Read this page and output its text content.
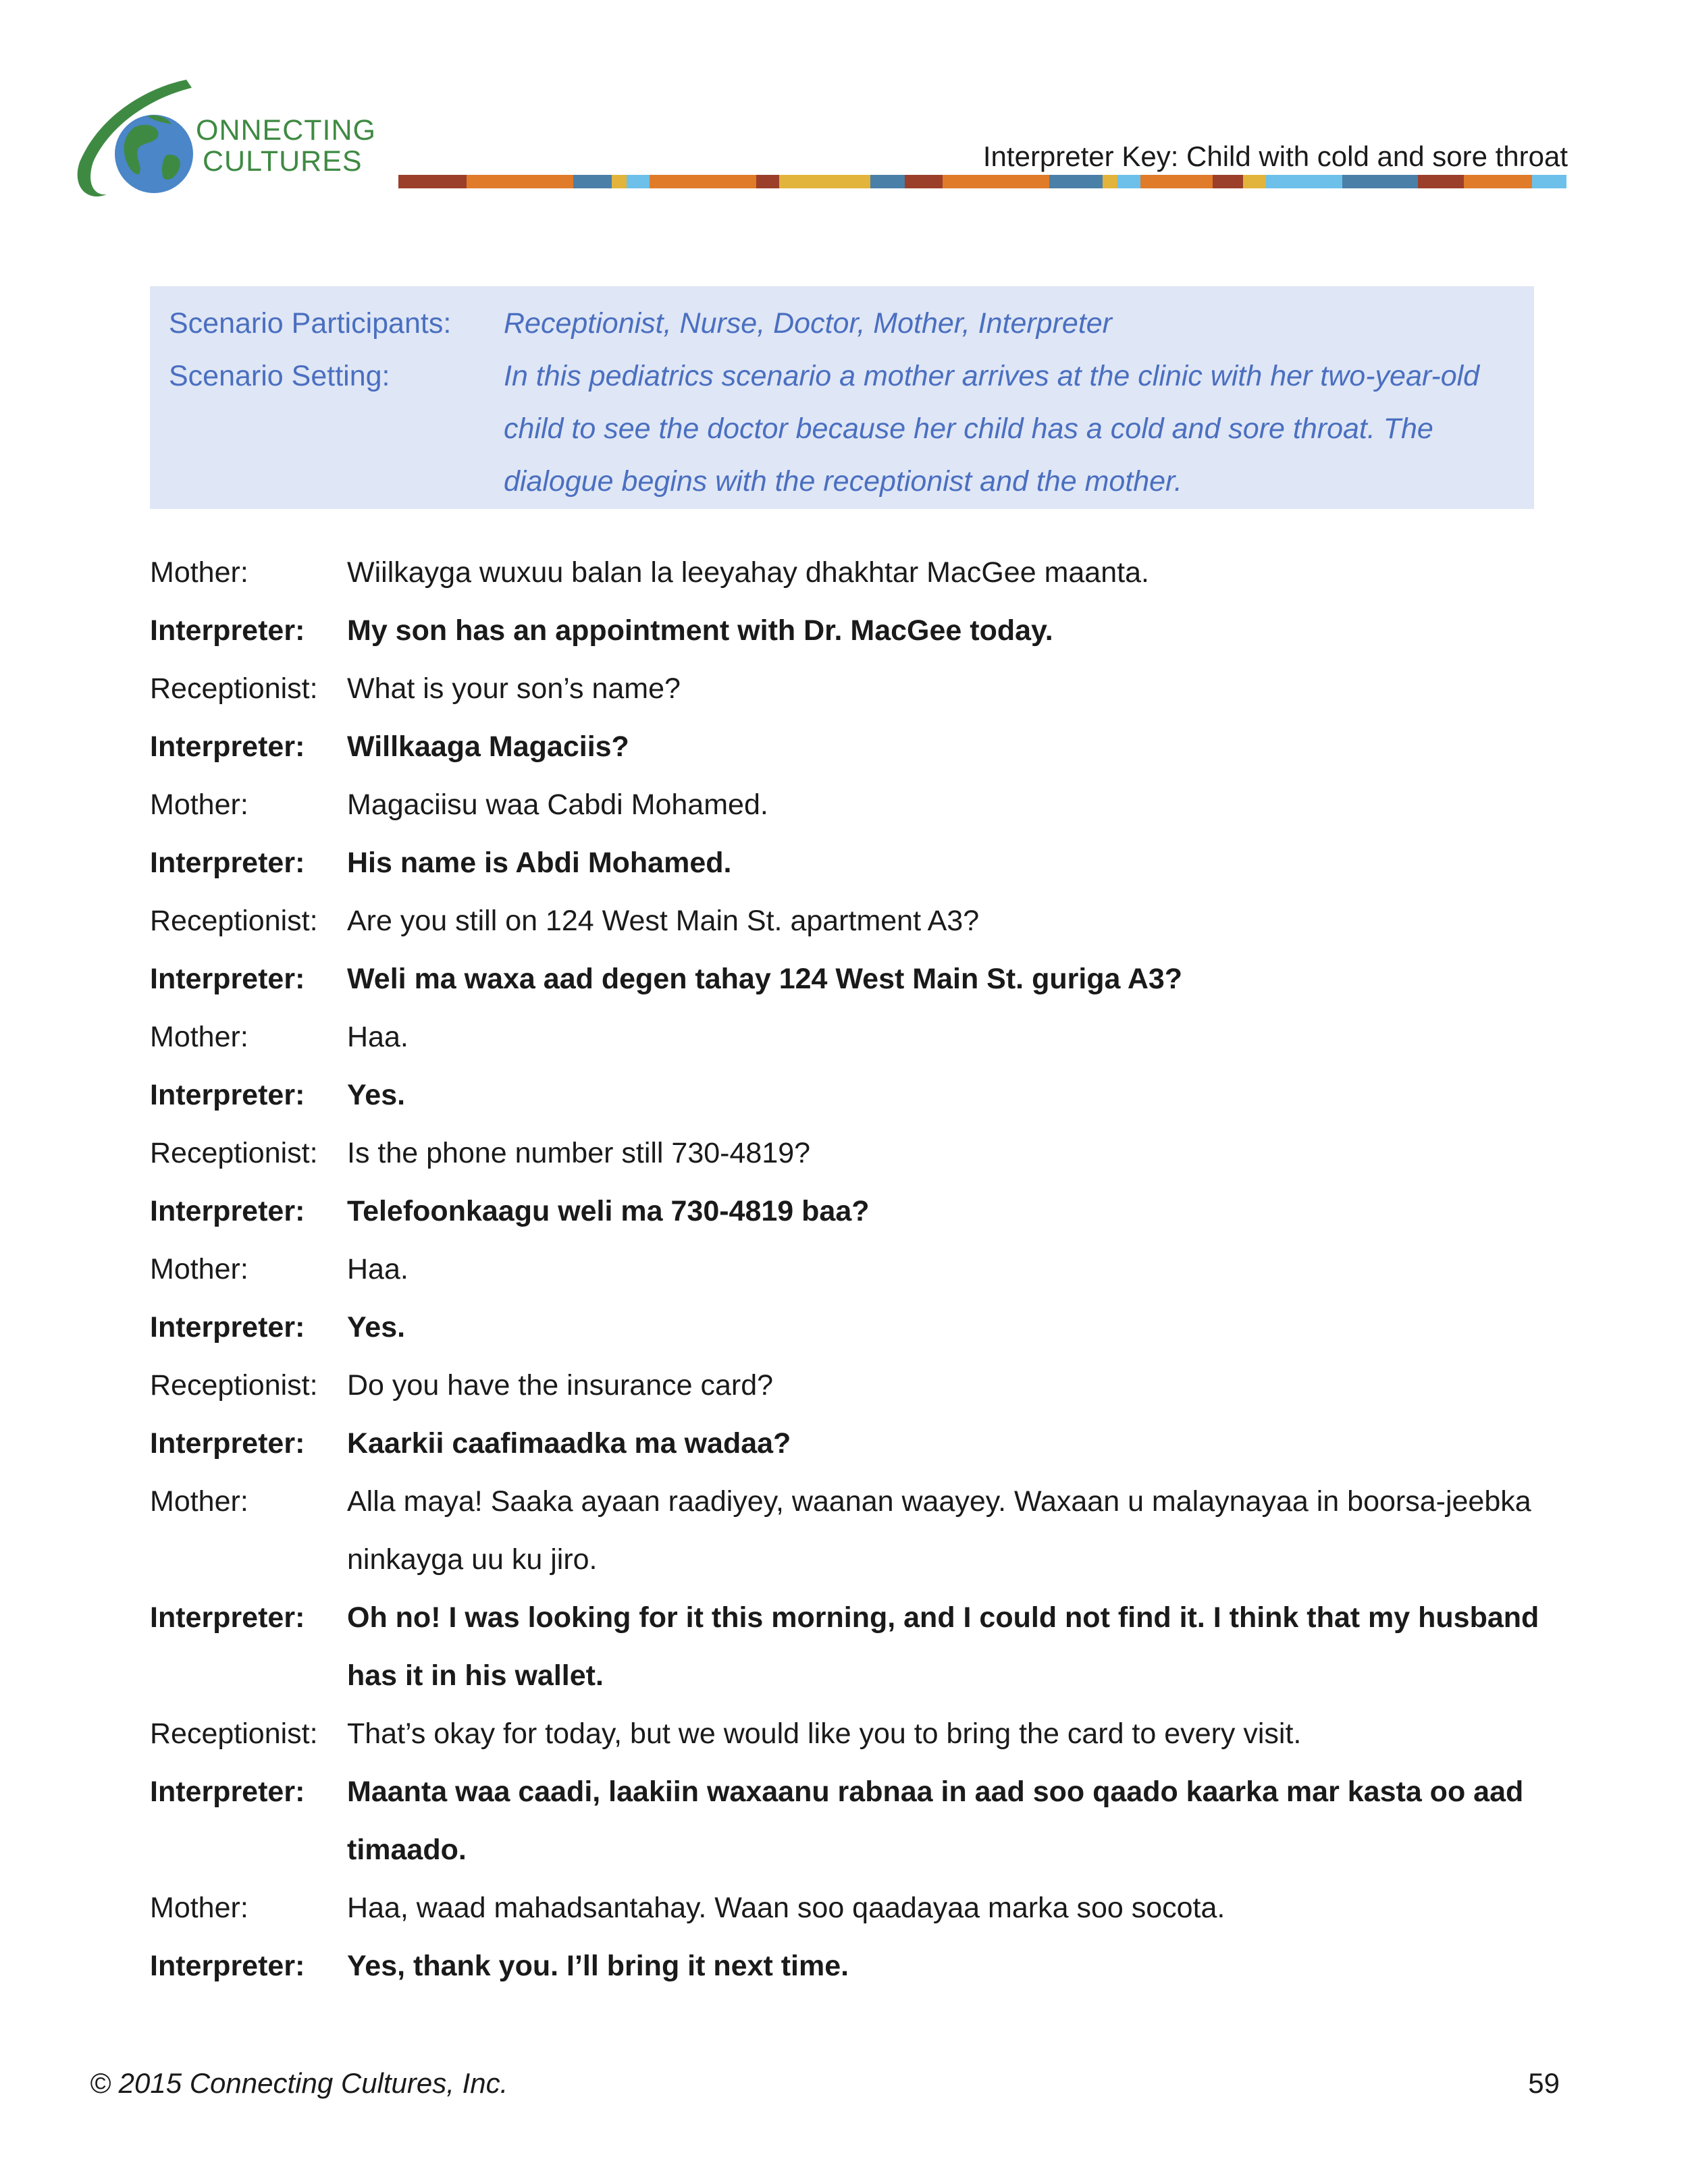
ONNECTING
CULTURES	Interpreter Key: Child with cold and sore throat
Scenario Participants: Receptionist, Nurse, Doctor, Mother, Interpreter
Scenario Setting:	In this pediatrics scenario a mother arrives at the clinic with her two-year-old child to see the doctor because her child has a cold and sore throat. The dialogue begins with the receptionist and the mother.
Mother:	Wiilkayga wuxuu balan la leeyahay dhakhtar MacGee maanta.
Interpreter:	My son has an appointment with Dr. MacGee today.
Receptionist:	What is your son’s name?
Interpreter:	Willkaaga Magaciis?
Mother:	Magaciisu waa Cabdi Mohamed.
Interpreter:	His name is Abdi Mohamed.
Receptionist:	Are you still on 124 West Main St. apartment A3?
Interpreter:	Weli ma waxa aad degen tahay 124 West Main St. guriga A3?
Mother:	Haa.
Interpreter:	Yes.
Receptionist:	Is the phone number still 730-4819?
Interpreter:	Telefoonkaagu weli ma 730-4819 baa?
Mother:	Haa.
Interpreter:	Yes.
Receptionist:	Do you have the insurance card?
Interpreter:	Kaarkii caafimaadka ma wadaa?
Mother:	Alla maya! Saaka ayaan raadiyey, waanan waayey. Waxaan u malaynayaa in boorsa-jeebka ninkayga uu ku jiro.
Interpreter:	Oh no! I was looking for it this morning, and I could not find it. I think that my husband has it in his wallet.
Receptionist:	That’s okay for today, but we would like you to bring the card to every visit.
Interpreter:	Maanta waa caadi, laakiin waxaanu rabnaa in aad soo qaado kaarka mar kasta oo aad timaado.
Mother:	Haa, waad mahadsantahay. Waan soo qaadayaa marka soo socota.
Interpreter:	Yes, thank you. I’ll bring it next time.
© 2015 Connecting Cultures, Inc.	59
